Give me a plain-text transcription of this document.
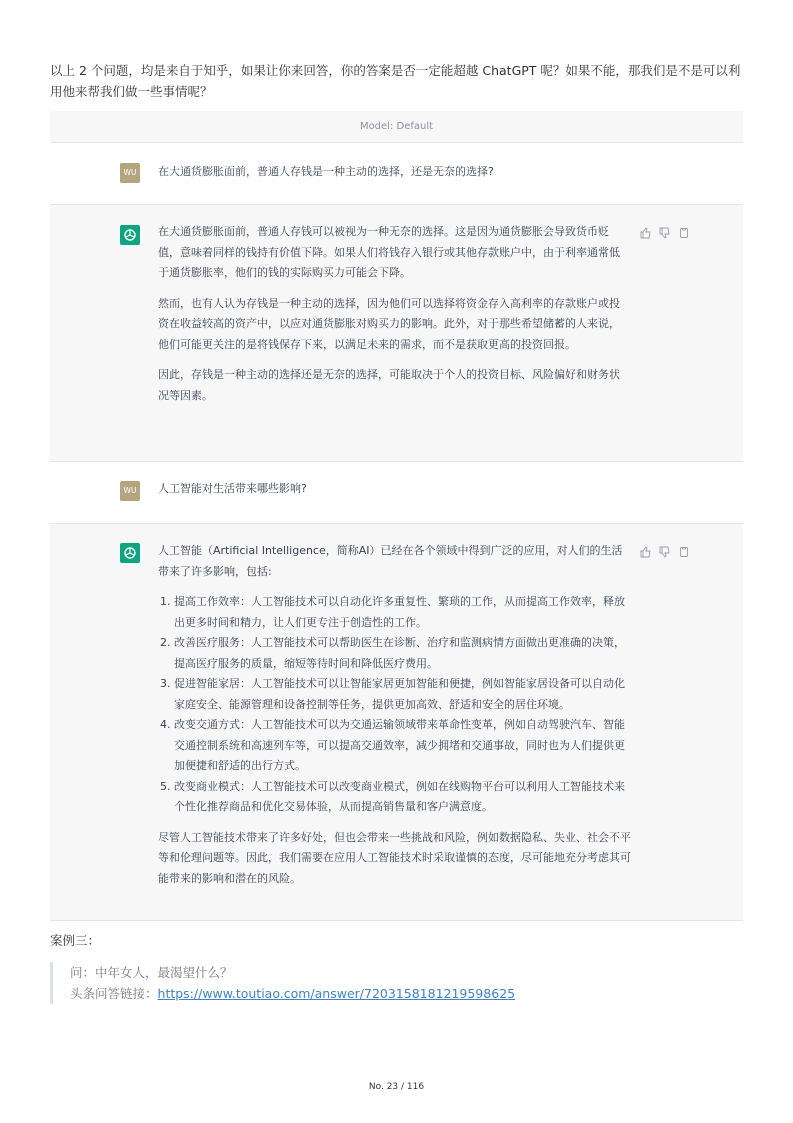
以上 2 个问题，均是来自于知乎，如果让你来回答，你的答案是否一定能超越 ChatGPT 呢？如果不能，那我们是不是可以利用他来帮我们做一些事情呢？
Model: Default
WU	在大通货膨胀面前，普通人存钱是一种主动的选择，还是无奈的选择?

在大通货膨胀面前，普通人存钱可以被视为一种无奈的选择。这是因为通货膨胀会导致货币贬值，意味着同样的钱持有价值下降。如果人们将钱存入银行或其他存款账户中，由于利率通常低于通货膨胀率，他们的钱的实际购买力可能会下降。

然而，也有人认为存钱是一种主动的选择，因为他们可以选择将资金存入高利率的存款账户或投资在收益较高的资产中，以应对通货膨胀对购买力的影响。此外，对于那些希望储蓄的人来说，他们可能更关注的是将钱保存下来，以满足未来的需求，而不是获取更高的投资回报。

因此，存钱是一种主动的选择还是无奈的选择，可能取决于个人的投资目标、风险偏好和财务状况等因素。

WU	人工智能对生活带来哪些影响?

人工智能（Artificial Intelligence，简称AI）已经在各个领域中得到广泛的应用，对人们的生活带来了许多影响，包括:

1. 提高工作效率：人工智能技术可以自动化许多重复性、繁琐的工作，从而提高工作效率，释放出更多时间和精力，让人们更专注于创造性的工作。
2. 改善医疗服务：人工智能技术可以帮助医生在诊断、治疗和监测病情方面做出更准确的决策，提高医疗服务的质量，缩短等待时间和降低医疗费用。
3. 促进智能家居：人工智能技术可以让智能家居更加智能和便捷，例如智能家居设备可以自动化家庭安全、能源管理和设备控制等任务，提供更加高效、舒适和安全的居住环境。
4. 改变交通方式：人工智能技术可以为交通运输领域带来革命性变革，例如自动驾驶汽车、智能交通控制系统和高速列车等，可以提高交通效率，减少拥堵和交通事故，同时也为人们提供更加便捷和舒适的出行方式。
5. 改变商业模式：人工智能技术可以改变商业模式，例如在线购物平台可以利用人工智能技术来个性化推荐商品和优化交易体验，从而提高销售量和客户满意度。

尽管人工智能技术带来了许多好处，但也会带来一些挑战和风险，例如数据隐私、失业、社会不平等和伦理问题等。因此，我们需要在应用人工智能技术时采取谨慎的态度，尽可能地充分考虑其可能带来的影响和潜在的风险。

案例三：
问：中年女人，最渴望什么？
头条问答链接：https://www.toutiao.com/answer/7203158181219598625
No. 23 / 116
